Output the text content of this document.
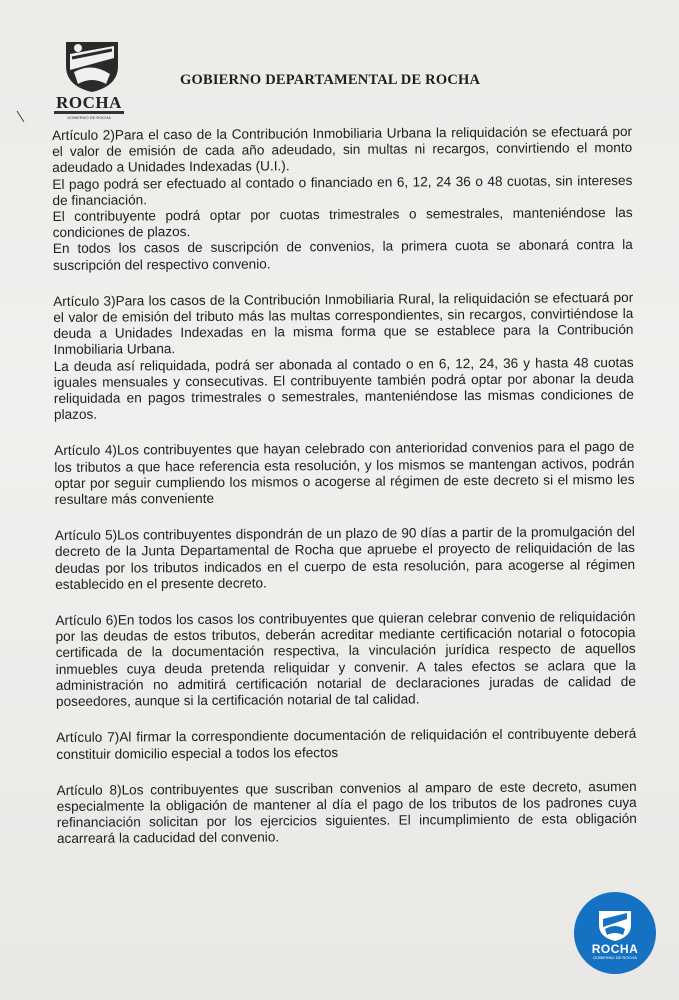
ROCHA
GOBIERNO DE ROCHA
GOBIERNO DEPARTAMENTAL DE ROCHA

Artículo 2)Para el caso de la Contribución Inmobiliaria Urbana la reliquidación se efectuará por el valor de emisión de cada año adeudado, sin multas ni recargos, convirtiendo el monto adeudado a Unidades Indexadas (U.I.).

El pago podrá ser efectuado al contado o financiado en 6, 12, 24 36 o 48 cuotas, sin intereses de financiación.

El contribuyente podrá optar por cuotas trimestrales o semestrales, manteniéndose las condiciones de plazos.

En todos los casos de suscripción de convenios, la primera cuota se abonará contra la suscripción del respectivo convenio.

Artículo 3)Para los casos de la Contribución Inmobiliaria Rural, la reliquidación se efectuará por el valor de emisión del tributo más las multas correspondientes, sin recargos, convirtiéndose la deuda a Unidades Indexadas en la misma forma que se establece para la Contribución Inmobiliaria Urbana.

La deuda así reliquidada, podrá ser abonada al contado o en 6, 12, 24, 36 y hasta 48 cuotas iguales mensuales y consecutivas. El contribuyente también podrá optar por abonar la deuda reliquidada en pagos trimestrales o semestrales, manteniéndose las mismas condiciones de plazos.

Artículo 4)Los contribuyentes que hayan celebrado con anterioridad convenios para el pago de los tributos a que hace referencia esta resolución, y los mismos se mantengan activos, podrán optar por seguir cumpliendo los mismos o acogerse al régimen de este decreto si el mismo les resultare más conveniente

Artículo 5)Los contribuyentes dispondrán de un plazo de 90 días a partir de la promulgación del decreto de la Junta Departamental de Rocha que apruebe el proyecto de reliquidación de las deudas por los tributos indicados en el cuerpo de esta resolución, para acogerse al régimen establecido en el presente decreto.

Artículo 6)En todos los casos los contribuyentes que quieran celebrar convenio de reliquidación por las deudas de estos tributos, deberán acreditar mediante certificación notarial o fotocopia certificada de la documentación respectiva, la vinculación jurídica respecto de aquellos inmuebles cuya deuda pretenda reliquidar y convenir. A tales efectos se aclara que la administración no admitirá certificación notarial de declaraciones juradas de calidad de poseedores, aunque si la certificación notarial de tal calidad.

Artículo 7)Al firmar la correspondiente documentación de reliquidación el contribuyente deberá constituir domicilio especial a todos los efectos

Artículo 8)Los contribuyentes que suscriban convenios al amparo de este decreto, asumen especialmente la obligación de mantener al día el pago de los tributos de los padrones cuya refinanciación solicitan por los ejercicios siguientes. El incumplimiento de esta obligación acarreará la caducidad del convenio.

ROCHA
GOBIERNO DE ROCHA
